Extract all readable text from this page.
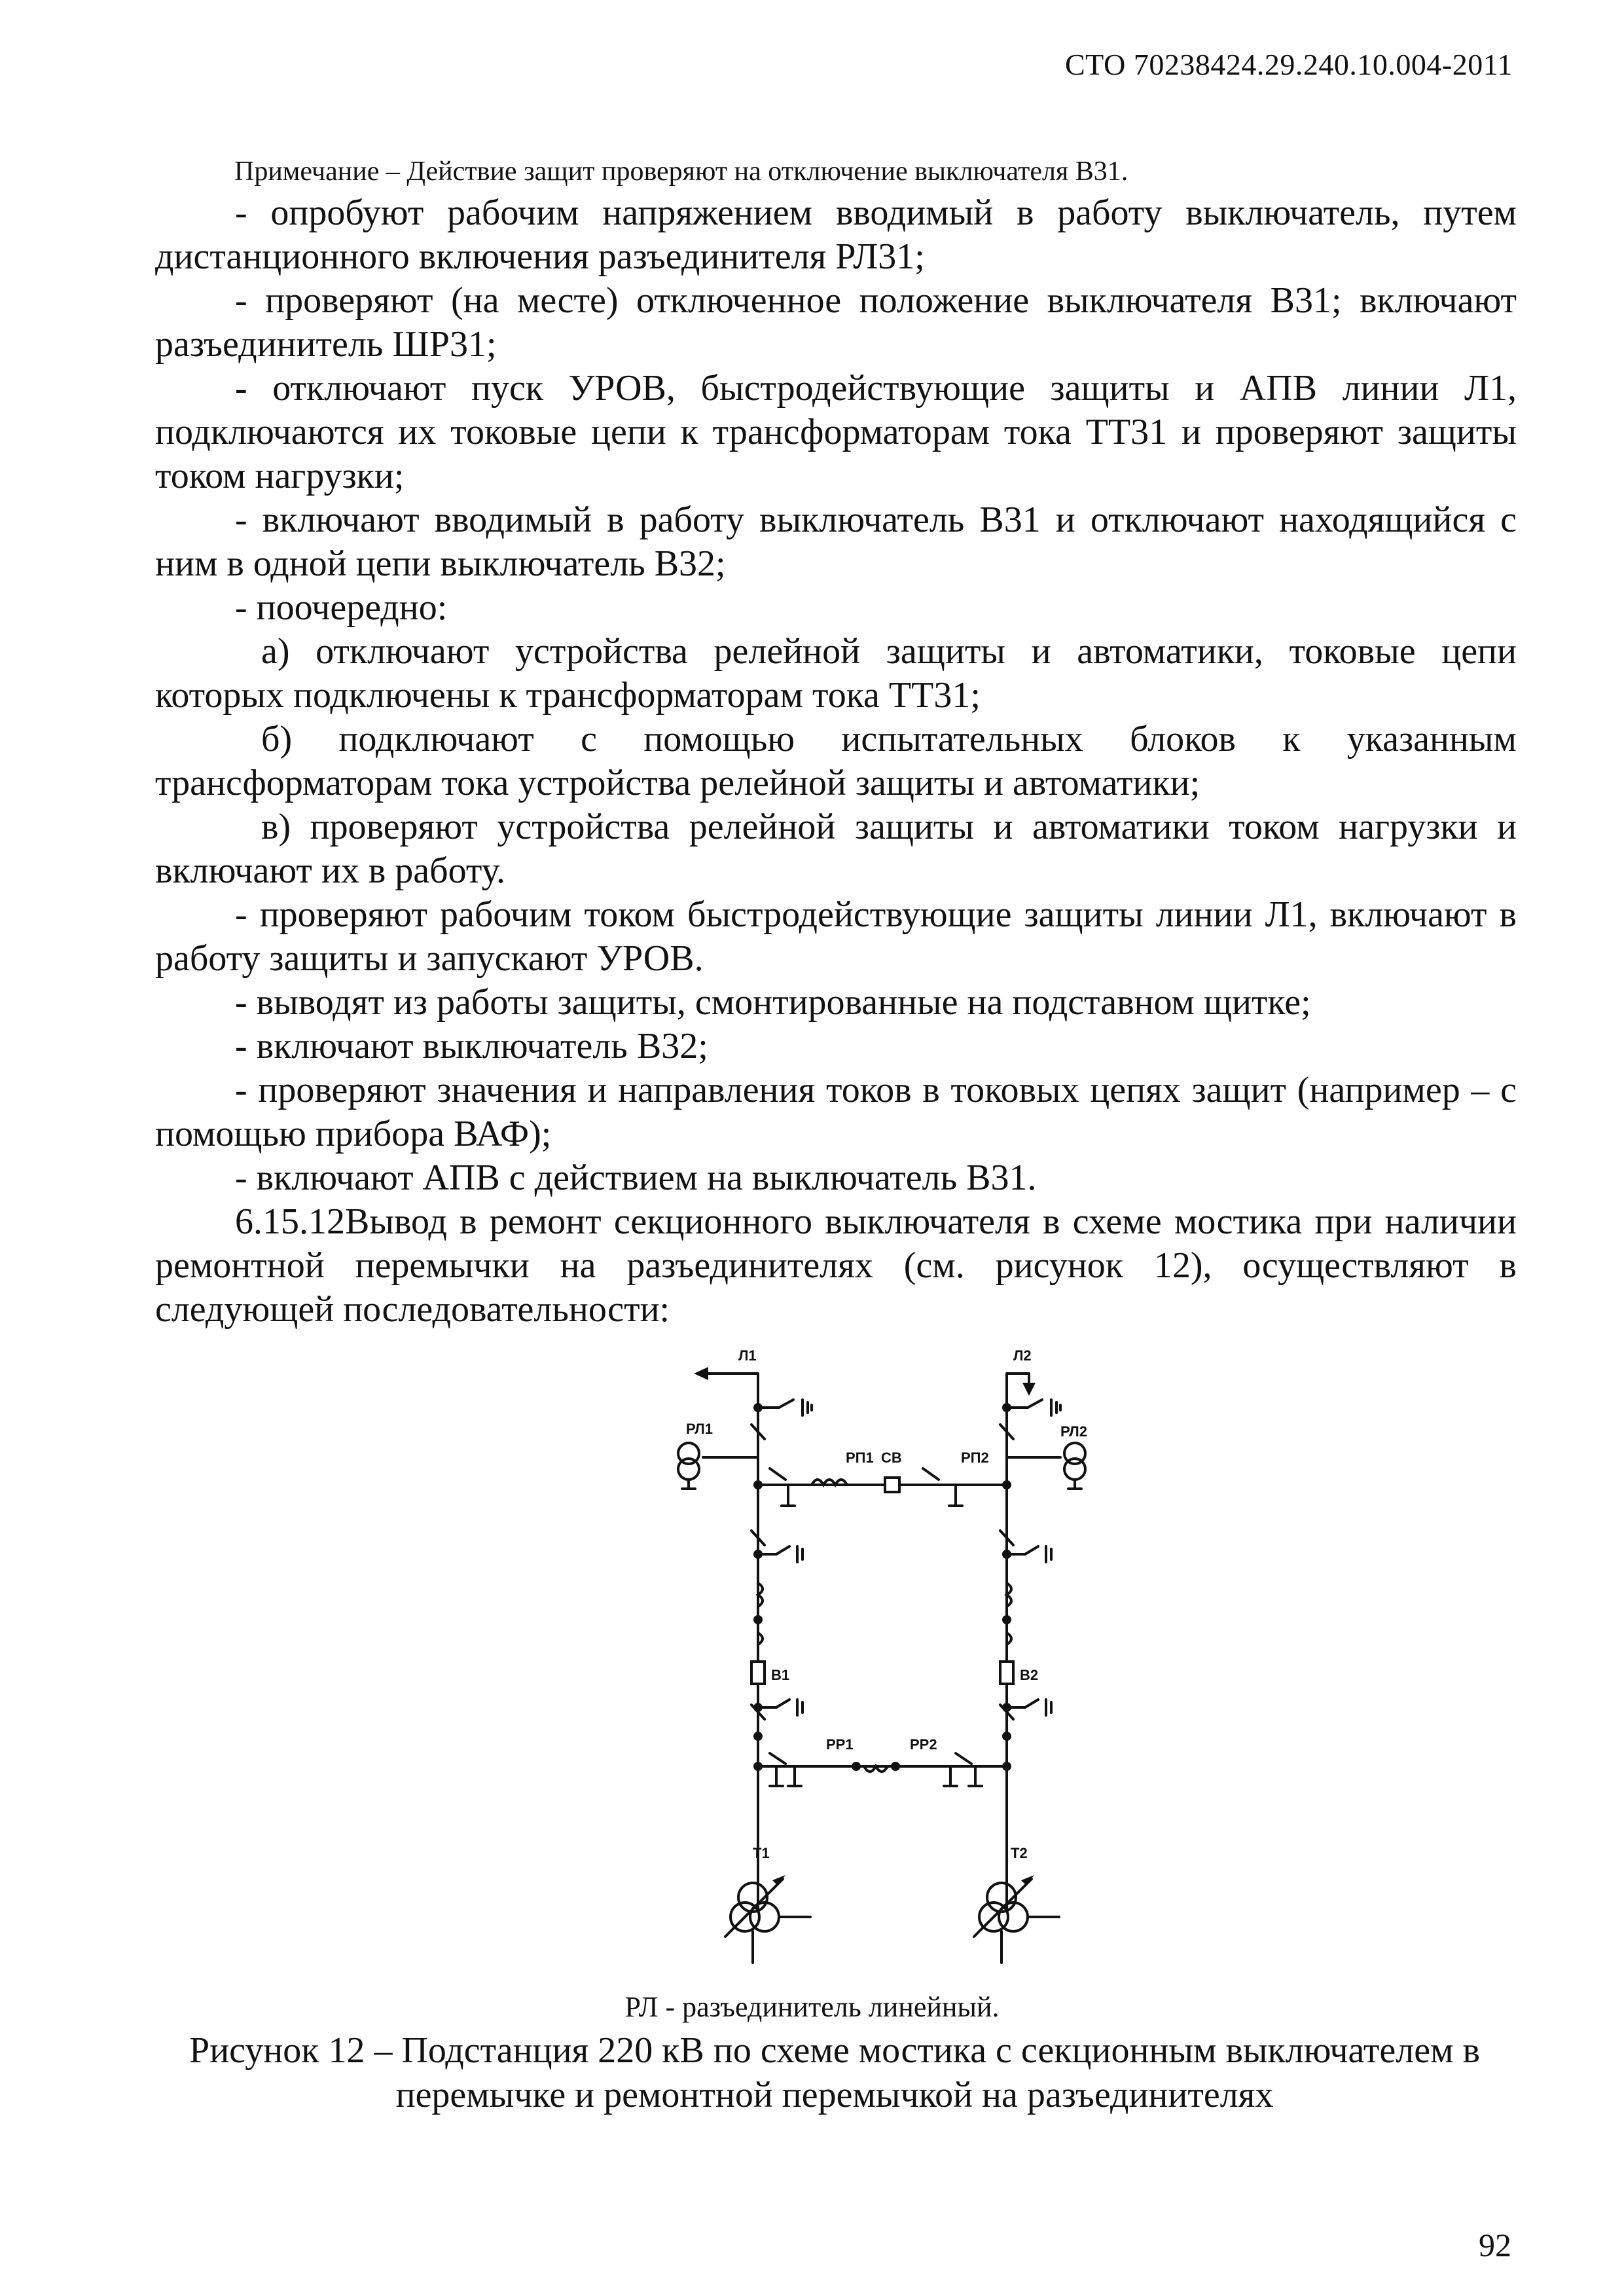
СТО 70238424.29.240.10.004-2011
Примечание – Действие защит проверяют на отключение выключателя В31.

- опробуют рабочим напряжением вводимый в работу выключатель, путем дистанционного включения разъединителя РЛ31;

- проверяют (на месте) отключенное положение выключателя В31; включают разъединитель ШР31;

- отключают пуск УРОВ, быстродействующие защиты и АПВ линии Л1, подключаются их токовые цепи к трансформаторам тока ТТ31 и проверяют защиты током нагрузки;

- включают вводимый в работу выключатель В31 и отключают находящийся с ним в одной цепи выключатель В32;

- поочередно:

а) отключают устройства релейной защиты и автоматики, токовые цепи которых подключены к трансформаторам тока ТТ31;

б) подключают с помощью испытательных блоков к указанным трансформаторам тока устройства релейной защиты и автоматики;

в) проверяют устройства релейной защиты и автоматики током нагрузки и включают их в работу.

- проверяют рабочим током быстродействующие защиты линии Л1, включают в работу защиты и запускают УРОВ.

- выводят из работы защиты, смонтированные на подставном щитке;

- включают выключатель В32;

- проверяют значения и направления токов в токовых цепях защит (например – с помощью прибора ВАФ);

- включают АПВ с действием на выключатель В31.

6.15.12Вывод в ремонт секционного выключателя в схеме мостика при наличии ремонтной перемычки на разъединителях (см. рисунок 12), осуществляют в следующей последовательности:

Л1	Л2
РЛ1	РЛ2
РП1 СВ	РП2
В1	В2
РР1	РР2
Т1	Т2
РЛ - разъединитель линейный.
Рисунок 12 – Подстанция 220 кВ по схеме мостика с секционным выключателем в перемычке и ремонтной перемычкой на разъединителях
92
